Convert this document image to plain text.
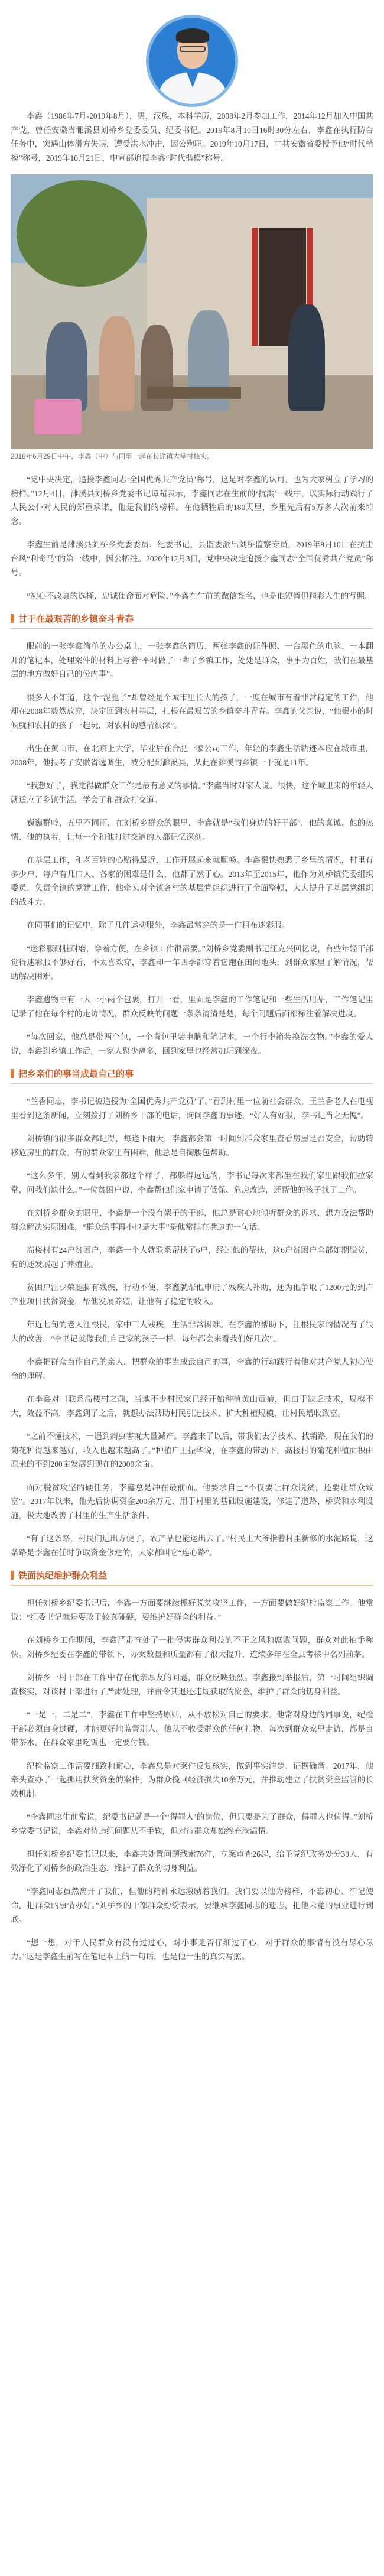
李鑫（1986年7月-2019年8月），男，汉族，本科学历，2008年2月参加工作，2014年12月加入中国共产党，曾任安徽省濉溪县刘桥乡党委委员、纪委书记。2019年8月10日16时30分左右，李鑫在执行防台任务中，突遇山体滑方失误，遭受洪水冲击，因公殉职。2019年10月17日，中共安徽省委授予他“时代楷模”称号，2019年10月21日，中宣部追授李鑫“时代楷模”称号。

2018年6月29日中午，李鑫（中）与同事一起在长途镇大堂村核实。

“党中央决定，追授李鑫同志‘全国优秀共产党员’称号，这是对李鑫的认可，也为大家树立了学习的榜样。”12月4日，濉溪县刘桥乡党委书记谭超表示，李鑫同志在生前的‘抗洪’一线中，以实际行动践行了人民公仆对人民的郑重承诺，他是我们的榜样。在他牺牲后的180天里，乡里先后有5万多人次前来悼念。

李鑫生前是濉溪县刘桥乡党委委员、纪委书记，县监委派出刘桥监察专员，2019年8月10日在抗击台风“利奇马”的第一线中，因公牺牲。2020年12月3日，党中央决定追授李鑫同志“全国优秀共产党员”称号。

“初心不改真的选择，忠诚使命面对危险，”李鑫在生前的微信签名，也是他短暂但精彩人生的写照。

甘于在最艰苦的乡镇奋斗青春

眼前的一张李鑫简单的办公桌上，一张李鑫的简历、两张李鑫的证件照、一台黑色的电脑、一本翻开的笔记本，处理案件的材料上写着“平时做了一辈子乡镇工作，处处是群众，事事为百姓，我们在最基层的地方做好自己的份内事”。

很多人不知道，这个“泥腿子”却曾经是个城市里长大的孩子，一度在城市有着非常稳定的工作，他却在2008年毅然放弃，决定回到农村基层，扎根在最艰苦的乡镇奋斗青春。李鑫的父亲说，“他很小的时候就和农村的孩子一起玩，对农村的感情很深”。

出生在黄山市，在北京上大学，毕业后在合肥一家公司工作，年轻的李鑫生活轨迹本应在城市里，2008年，他报考了安徽省选调生，被分配到濉溪县，从此在濉溪的乡镇一干就是11年。

“我想好了，我觉得做群众工作是最有意义的事情。”李鑫当时对家人说。很快，这个城里来的年轻人就适应了乡镇生活，学会了和群众打交道。

巍巍群岭，五里不同雨，在刘桥乡群众的眼里，李鑫就是“我们身边的好干部”，他的真诚、他的热情、他的执着，让每一个和他打过交道的人都记忆深刻。

在基层工作，和老百姓的心贴得最近，工作开展起来就顺畅。李鑫很快熟悉了乡里的情况，村里有多少户、每户有几口人、各家的困难是什么，他都了然于心。2013年至2015年，他作为刘桥镇党委组织委员，负责全镇的党建工作，他牵头对全镇各村的基层党组织进行了全面整顿，大大提升了基层党组织的战斗力。

在同事们的记忆中，除了几件运动服外，李鑫最常穿的是一件粗布迷彩服。

“迷彩服耐脏耐磨，穿着方便，在乡镇工作很需要。”刘桥乡党委副书记汪克兴回忆说，有些年轻干部觉得迷彩服不够好看，不太喜欢穿，李鑫却一年四季都穿着它跑在田间地头，到群众家里了解情况，帮助解决困难。

李鑫遗物中有一大一小两个包裹，打开一看，里面是李鑫的工作笔记和一些生活用品，工作笔记里记录了他在每个村的走访情况，群众反映的问题一条条清清楚楚，每个问题后面都标注着解决进度。

“每次回家，他总是带两个包，一个背包里装电脑和笔记本，一个行李箱装换洗衣物。”李鑫的爱人说，李鑫到乡镇工作后，一家人聚少离多，回到家里也经常加班到深夜。

把乡亲们的事当成最自己的事

“兰香同志，李书记被追授为‘全国优秀共产党员’了。”看到村里一位前社会群众，王兰香老人在电视里看到这条新闻，立刻拨打了刘桥乡干部的电话，询问李鑫的事迹，“好人有好报，李书记当之无愧”。

刘桥镇的很多群众都记得，每逢下雨天，李鑫都会第一时间到群众家里查看房屋是否安全，帮助转移危房里的群众。有的群众家里有困难，他总是自掏腰包帮助。

“这么多年，别人看到我家都这个样子，都躲得远远的，李书记每次来都坐在我们家里跟我们拉家常，问我们缺什么。”一位贫困户说，李鑫帮他们家申请了低保、危房改造，还帮他的孩子找了工作。

在刘桥乡群众的眼里，李鑫是一个没有架子的干部，他总是耐心地倾听群众的诉求，想方设法帮助群众解决实际困难，“群众的事再小也是大事”是他常挂在嘴边的一句话。

高楼村有24户贫困户，李鑫一个人就联系帮扶了6户，经过他的帮扶，这6户贫困户全部如期脱贫，有的还发展起了养殖业。

贫困户汪少荣腿脚有残疾，行动不便，李鑫就帮他申请了残疾人补助，还为他争取了1200元的到户产业项目扶贫资金，帮他发展养殖，让他有了稳定的收入。

年近七旬的老人汪根民，家中三人残疾，生活非常困难。在李鑫的帮助下，汪根民家的情况有了很大的改善，“李书记就像我们自己家的孩子一样，每年都会来看我们好几次”。

李鑫把群众当作自己的亲人，把群众的事当成最自己的事，李鑫的行动践行着他对共产党人初心使命的理解。

在李鑫对口联系高楼村之前，当地不少村民家已经开始种植黄山贡菊，但由于缺乏技术，规模不大，效益不高，李鑫到了之后，就想办法帮助村民引进技术、扩大种植规模，让村民增收致富。

“之前不懂技术，一遇到病虫害就大量减产。李鑫来了以后，带我们去学技术、找销路，现在我们的菊花种得越来越好，收入也越来越高了。”种植户王振华说，在李鑫的带动下，高楼村的菊花种植面积由原来的不到200亩发展到现在的2000余亩。

面对脱贫攻坚的硬任务，李鑫总是冲在最前面。他要求自己“不仅要让群众脱贫，还要让群众致富”。2017年以来，他先后协调资金200余万元，用于村里的基础设施建设，修建了道路、桥梁和水利设施，极大地改善了村里的生产生活条件。

“有了这条路，村民们进出方便了，农产品也能运出去了。”村民王大爷指着村里新修的水泥路说，这条路是李鑫在任时争取资金修建的，大家都叫它“连心路”。

铁面执纪维护群众利益

担任刘桥乡纪委书记后，李鑫一方面要继续抓好脱贫攻坚工作，一方面要做好纪检监察工作。他常说：“纪委书记就是要敢于较真碰硬，要维护好群众的利益。”

在刘桥乡工作期间，李鑫严肃查处了一批侵害群众利益的不正之风和腐败问题，群众对此拍手称快。刘桥乡纪委在李鑫的带领下，办案数量和质量都有了很大提升，连续多年在全县考核中名列前茅。

刘桥乡一村干部在工作中存在优亲厚友的问题，群众反映强烈。李鑫接到举报后，第一时间组织调查核实，对该村干部进行了严肃处理，并责令其退还违规获取的资金，维护了群众的切身利益。

“一是一，二是二”，李鑫在工作中坚持原则，从不放松对自己的要求。他常对身边的同事说，纪检干部必须自身过硬，才能更好地监督别人。他从不收受群众的任何礼物，每次到群众家里走访，都是自带茶水，在群众家里吃饭也一定要付钱。

纪检监察工作需要细致和耐心，李鑫总是对案件反复核实，做到事实清楚、证据确凿。2017年，他牵头查办了一起挪用扶贫资金的案件，为群众挽回经济损失10余万元，并推动建立了扶贫资金监管的长效机制。

“李鑫同志生前常说，纪委书记就是一个‘得罪人’的岗位，但只要是为了群众，得罪人也值得。”刘桥乡党委书记说，李鑫对待违纪问题从不手软，但对待群众却始终充满温情。

担任刘桥乡纪委书记以来，李鑫共处置问题线索76件，立案审查26起，给予党纪政务处分30人，有效净化了刘桥乡的政治生态，维护了群众的切身利益。

“李鑫同志虽然离开了我们，但他的精神永远激励着我们。我们要以他为榜样，不忘初心、牢记使命，把群众的事情办好。”刘桥乡的干部群众纷纷表示，要继承李鑫同志的遗志，把他未竟的事业进行到底。

“想一想，对于人民群众有没有过过心，对小事是否仔细过了心，对于群众的事情有没有尽心尽力。”这是李鑫生前写在笔记本上的一句话，也是他一生的真实写照。
